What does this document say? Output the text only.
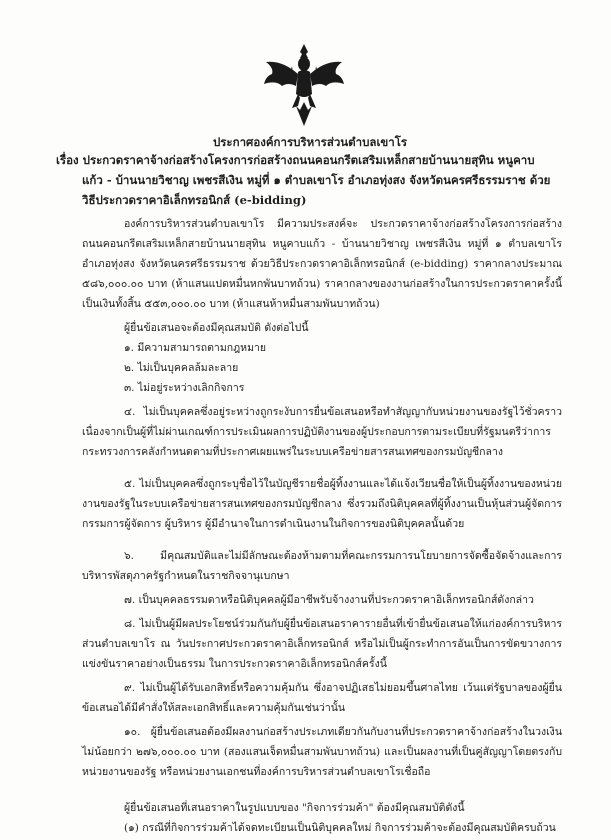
ประกาศองค์การบริหารส่วนตำบลเขาโร
เรื่อง ประกวดราคาจ้างก่อสร้างโครงการก่อสร้างถนนคอนกรีตเสริมเหล็กสายบ้านนายสุทิน หนูคาบแก้ว - บ้านนายวิชาญ เพชรสีเงิน หมู่ที่ ๑ ตำบลเขาโร อำเภอทุ่งสง จังหวัดนครศรีธรรมราช ด้วยวิธีประกวดราคาอิเล็กทรอนิกส์ (e-bidding)
องค์การบริหารส่วนตำบลเขาโร มีความประสงค์จะ ประกวดราคาจ้างก่อสร้างโครงการก่อสร้างถนนคอนกรีตเสริมเหล็กสายบ้านนายสุทิน หนูคาบแก้ว - บ้านนายวิชาญ เพชรสีเงิน หมู่ที่ ๑ ตำบลเขาโร อำเภอทุ่งสง จังหวัดนครศรีธรรมราช ด้วยวิธีประกวดราคาอิเล็กทรอนิกส์ (e-bidding) ราคากลางประมาณ ๕๘๖,๐๐๐.๐๐ บาท (ห้าแสนแปดหมื่นหกพันบาทถ้วน) ราคากลางของงานก่อสร้างในการประกวดราคาครั้งนี้เป็นเงินทั้งสิ้น ๕๕๓,๐๐๐.๐๐ บาท (ห้าแสนห้าหมื่นสามพันบาทถ้วน)
ผู้ยื่นข้อเสนอจะต้องมีคุณสมบัติ ดังต่อไปนี้
๑. มีความสามารถตามกฎหมาย
๒. ไม่เป็นบุคคลล้มละลาย
๓. ไม่อยู่ระหว่างเลิกกิจการ
๔. ไม่เป็นบุคคลซึ่งอยู่ระหว่างถูกระงับการยื่นข้อเสนอหรือทำสัญญากับหน่วยงานของรัฐไว้ชั่วคราว เนื่องจากเป็นผู้ที่ไม่ผ่านเกณฑ์การประเมินผลการปฏิบัติงานของผู้ประกอบการตามระเบียบที่รัฐมนตรีว่าการกระทรวงการคลังกำหนดตามที่ประกาศเผยแพร่ในระบบเครือข่ายสารสนเทศของกรมบัญชีกลาง
๕. ไม่เป็นบุคคลซึ่งถูกระบุชื่อไว้ในบัญชีรายชื่อผู้ทิ้งงานและได้แจ้งเวียนชื่อให้เป็นผู้ทิ้งงานของหน่วยงานของรัฐในระบบเครือข่ายสารสนเทศของกรมบัญชีกลาง ซึ่งรวมถึงนิติบุคคลที่ผู้ทิ้งงานเป็นหุ้นส่วนผู้จัดการ กรรมการผู้จัดการ ผู้บริหาร ผู้มีอำนาจในการดำเนินงานในกิจการของนิติบุคคลนั้นด้วย
๖. มีคุณสมบัติและไม่มีลักษณะต้องห้ามตามที่คณะกรรมการนโยบายการจัดซื้อจัดจ้างและการบริหารพัสดุภาครัฐกำหนดในราชกิจจานุเบกษา
๗. เป็นบุคคลธรรมดาหรือนิติบุคคลผู้มีอาชีพรับจ้างงานที่ประกวดราคาอิเล็กทรอนิกส์ดังกล่าว
๘. ไม่เป็นผู้มีผลประโยชน์ร่วมกันกับผู้ยื่นข้อเสนอราคารายอื่นที่เข้ายื่นข้อเสนอให้แก่องค์การบริหารส่วนตำบลเขาโร ณ วันประกาศประกวดราคาอิเล็กทรอนิกส์ หรือไม่เป็นผู้กระทำการอันเป็นการขัดขวางการแข่งขันราคาอย่างเป็นธรรม ในการประกวดราคาอิเล็กทรอนิกส์ครั้งนี้
๙. ไม่เป็นผู้ได้รับเอกสิทธิ์หรือความคุ้มกัน ซึ่งอาจปฏิเสธไม่ยอมขึ้นศาลไทย เว้นแต่รัฐบาลของผู้ยื่นข้อเสนอได้มีคำสั่งให้สละเอกสิทธิ์และความคุ้มกันเช่นว่านั้น
๑๐. ผู้ยื่นข้อเสนอต้องมีผลงานก่อสร้างประเภทเดียวกันกับงานที่ประกวดราคาจ้างก่อสร้างในวงเงินไม่น้อยกว่า ๒๗๖,๐๐๐.๐๐ บาท (สองแสนเจ็ดหมื่นสามพันบาทถ้วน) และเป็นผลงานที่เป็นคู่สัญญาโดยตรงกับหน่วยงานของรัฐ หรือหน่วยงานเอกชนที่องค์การบริหารส่วนตำบลเขาโรเชื่อถือ
ผู้ยื่นข้อเสนอที่เสนอราคาในรูปแบบของ "กิจการร่วมค้า" ต้องมีคุณสมบัติดังนี้
(๑) กรณีที่กิจการร่วมค้าได้จดทะเบียนเป็นนิติบุคคลใหม่ กิจการร่วมค้าจะต้องมีคุณสมบัติครบถ้วน
